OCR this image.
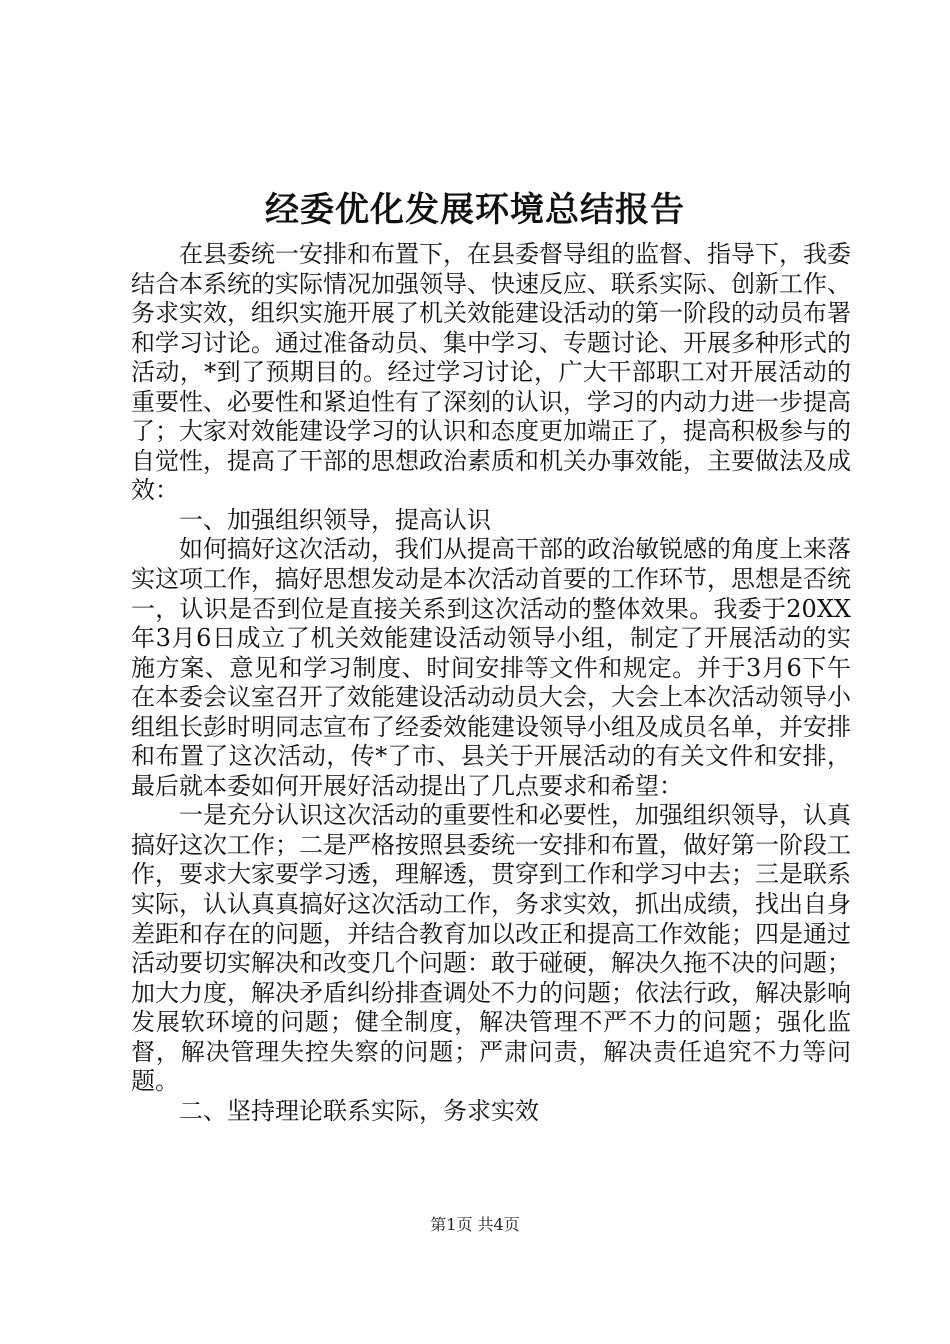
经委优化发展环境总结报告

在县委统一安排和布置下，在县委督导组的监督、指导下，我委结合本系统的实际情况加强领导、快速反应、联系实际、创新工作、务求实效，组织实施开展了机关效能建设活动的第一阶段的动员布署和学习讨论。通过准备动员、集中学习、专题讨论、开展多种形式的活动，*到了预期目的。经过学习讨论，广大干部职工对开展活动的重要性、必要性和紧迫性有了深刻的认识，学习的内动力进一步提高了；大家对效能建设学习的认识和态度更加端正了，提高积极参与的自觉性，提高了干部的思想政治素质和机关办事效能，主要做法及成效：

一、加强组织领导，提高认识

如何搞好这次活动，我们从提高干部的政治敏锐感的角度上来落实这项工作，搞好思想发动是本次活动首要的工作环节，思想是否统一，认识是否到位是直接关系到这次活动的整体效果。我委于20XX年3月6日成立了机关效能建设活动领导小组，制定了开展活动的实施方案、意见和学习制度、时间安排等文件和规定。并于3月6下午在本委会议室召开了效能建设活动动员大会，大会上本次活动领导小组组长彭时明同志宣布了经委效能建设领导小组及成员名单，并安排和布置了这次活动，传*了市、县关于开展活动的有关文件和安排，最后就本委如何开展好活动提出了几点要求和希望：

一是充分认识这次活动的重要性和必要性，加强组织领导，认真搞好这次工作；二是严格按照县委统一安排和布置，做好第一阶段工作，要求大家要学习透，理解透，贯穿到工作和学习中去；三是联系实际，认认真真搞好这次活动工作，务求实效，抓出成绩，找出自身差距和存在的问题，并结合教育加以改正和提高工作效能；四是通过活动要切实解决和改变几个问题：敢于碰硬，解决久拖不决的问题；加大力度，解决矛盾纠纷排查调处不力的问题；依法行政，解决影响发展软环境的问题；健全制度，解决管理不严不力的问题；强化监督，解决管理失控失察的问题；严肃问责，解决责任追究不力等问题。

二、坚持理论联系实际，务求实效

第1页 共4页
